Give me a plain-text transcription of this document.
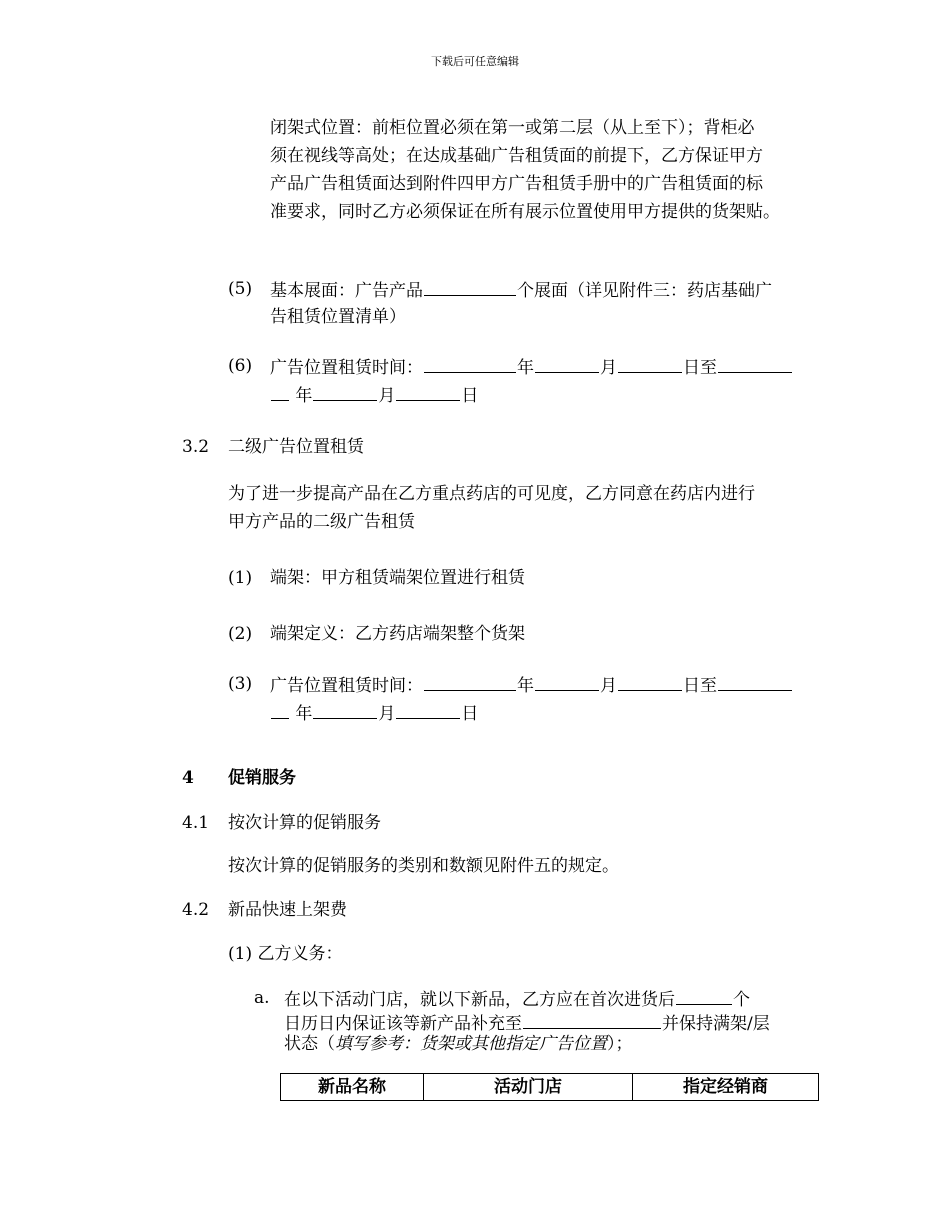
下载后可任意编辑
闭架式位置：前柜位置必须在第一或第二层（从上至下）；背柜必
须在视线等高处；在达成基础广告租赁面的前提下，乙方保证甲方
产品广告租赁面达到附件四甲方广告租赁手册中的广告租赁面的标
准要求，同时乙方必须保证在所有展示位置使用甲方提供的货架贴。
(5) 基本展面：广告产品	个展面（详见附件三：药店基础广
告租赁位置清单）
(6) 广告位置租赁时间：	年	月	日至
年	月	日
3.2 二级广告位置租赁
为了进一步提高产品在乙方重点药店的可见度，乙方同意在药店内进行
甲方产品的二级广告租赁
(1) 端架：甲方租赁端架位置进行租赁
(2) 端架定义：乙方药店端架整个货架
(3) 广告位置租赁时间：	年	月	日至
年	月	日
4 促销服务
4.1 按次计算的促销服务
按次计算的促销服务的类别和数额见附件五的规定。
4.2 新品快速上架费
(1) 乙方义务：
a. 在以下活动门店，就以下新品，乙方应在首次进货后	个
日历日内保证该等新产品补充至	并保持满架/层
状态（填写参考：货架或其他指定广告位置）；
新品名称	活动门店	指定经销商
